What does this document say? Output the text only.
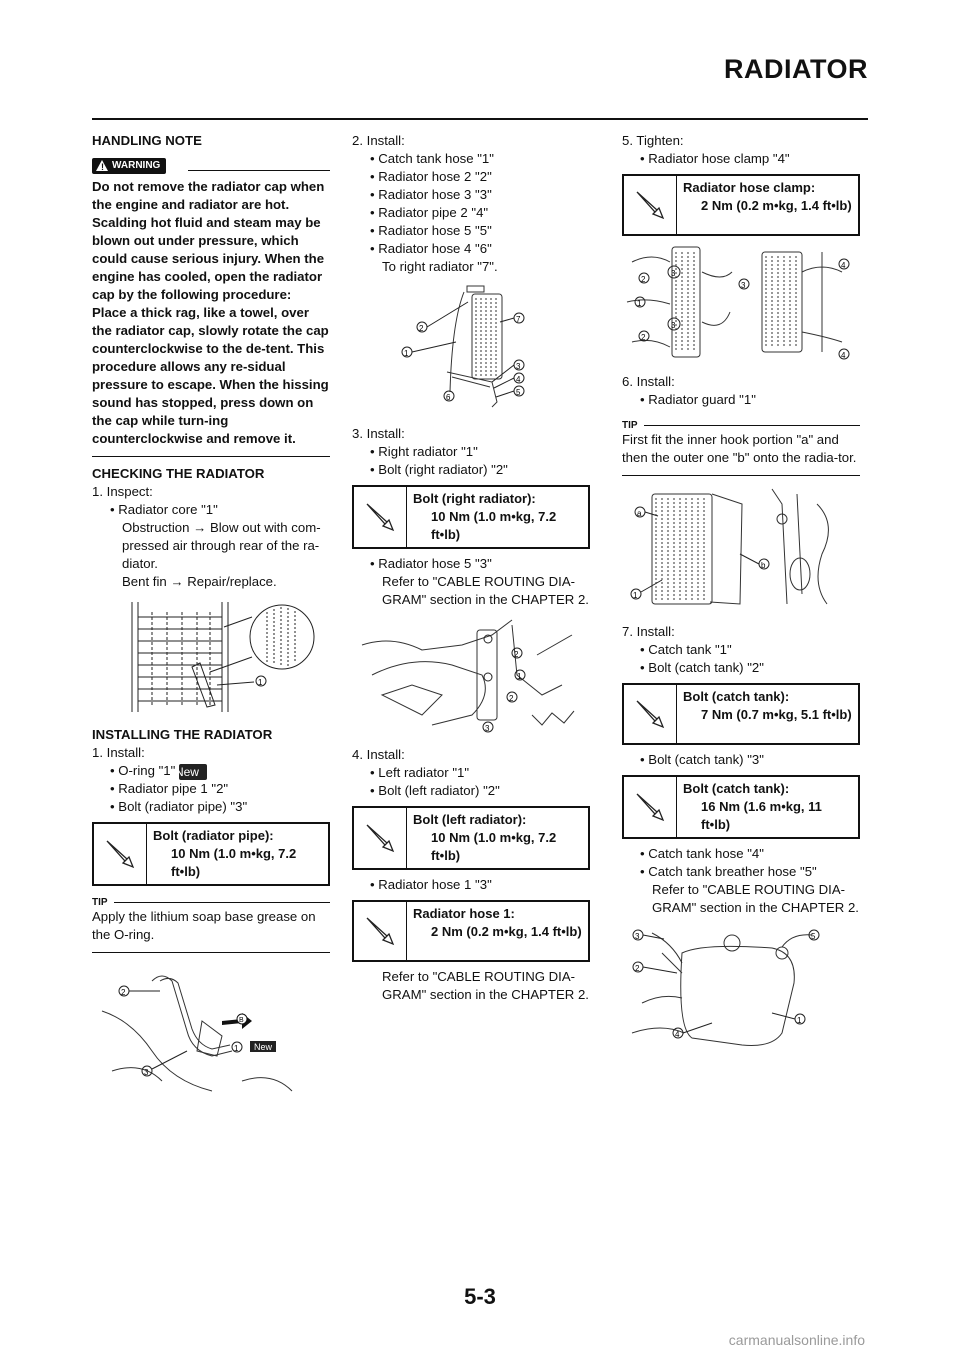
RADIATOR

HANDLING NOTE

! WARNING

Do not remove the radiator cap when the engine and radiator are hot. Scalding hot fluid and steam may be blown out under pressure, which could cause serious injury. When the engine has cooled, open the radiator cap by the following procedure:

Place a thick rag, like a towel, over the radiator cap, slowly rotate the cap counterclockwise to the de-tent. This procedure allows any re-sidual pressure to escape. When the hissing sound has stopped, press down on the cap while turn-ing counterclockwise and remove it.

CHECKING THE RADIATOR

1. Inspect:

• Radiator core "1"

Obstruction → Blow out with com-pressed air through rear of the ra-diator.

Bent fin → Repair/replace.

1

INSTALLING THE RADIATOR

1. Install:

• O-ring "1" New

• Radiator pipe 1 "2"

• Bolt (radiator pipe) "3"

Bolt (radiator pipe):
10 Nm (1.0 m•kg, 7.2 ft•lb)
TIP

Apply the lithium soap base grease on the O-ring.

B
New
2
1
3

2. Install:

• Catch tank hose "1"

• Radiator hose 2 "2"

• Radiator hose 3 "3"

• Radiator pipe 2 "4"

• Radiator hose 5 "5"

• Radiator hose 4 "6"

To right radiator "7".

2
7
1
3
4
5
6

3. Install:

• Right radiator "1"

• Bolt (right radiator) "2"

Bolt (right radiator):
10 Nm (1.0 m•kg, 7.2 ft•lb)

• Radiator hose 5 "3"

Refer to "CABLE ROUTING DIA-GRAM" section in the CHAPTER 2.

2
1
2
3

4. Install:

• Left radiator "1"

• Bolt (left radiator) "2"

Bolt (left radiator):
10 Nm (1.0 m•kg, 7.2 ft•lb)

• Radiator hose 1 "3"

Radiator hose 1:
2 Nm (0.2 m•kg, 1.4 ft•lb)

Refer to "CABLE ROUTING DIA-GRAM" section in the CHAPTER 2.

5. Tighten:

• Radiator hose clamp "4"

Radiator hose clamp:
2 Nm (0.2 m•kg, 1.4 ft•lb)
3
3
2
1
2
3
4
4

6. Install:

• Radiator guard "1"

TIP

First fit the inner hook portion "a" and then the outer one "b" onto the radia-tor.

a
1
b

7. Install:

• Catch tank "1"

• Bolt (catch tank) "2"

Bolt (catch tank):
7 Nm (0.7 m•kg, 5.1 ft•lb)

• Bolt (catch tank) "3"

Bolt (catch tank):
16 Nm (1.6 m•kg, 11 ft•lb)

• Catch tank hose "4"

• Catch tank breather hose "5"

Refer to "CABLE ROUTING DIA-GRAM" section in the CHAPTER 2.

3
2
5
1
4
5-3
carmanualsonline.info
